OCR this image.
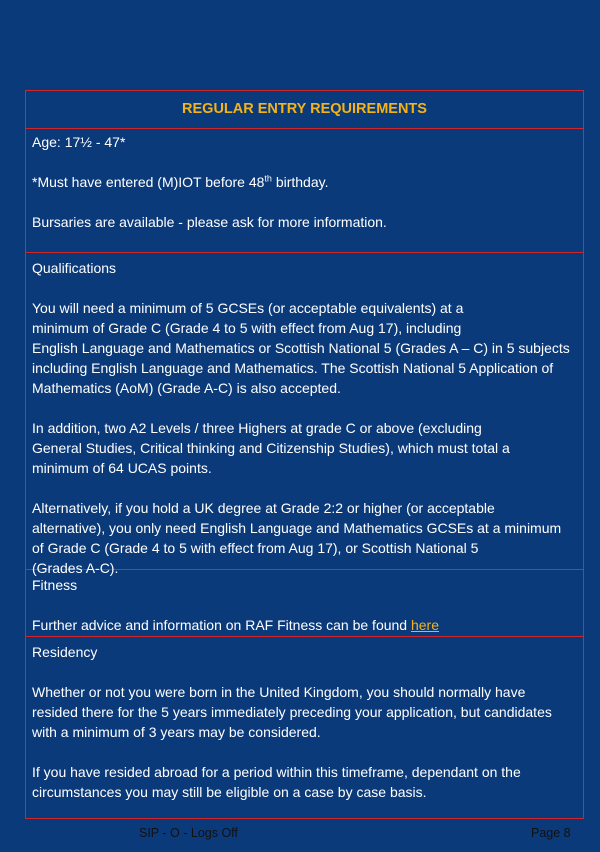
REGULAR ENTRY REQUIREMENTS

Age: 17½ - 47*

*Must have entered (M)IOT before 48th birthday.

Bursaries are available - please ask for more information.

Qualifications

You will need a minimum of 5 GCSEs (or acceptable equivalents) at a

minimum of Grade C (Grade 4 to 5 with effect from Aug 17), including

English Language and Mathematics or Scottish National 5 (Grades A – C) in 5 subjects

including English Language and Mathematics. The Scottish National 5 Application of

Mathematics (AoM) (Grade A-C) is also accepted.

In addition, two A2 Levels / three Highers at grade C or above (excluding

General Studies, Critical thinking and Citizenship Studies), which must total a

minimum of 64 UCAS points.

Alternatively, if you hold a UK degree at Grade 2:2 or higher (or acceptable

alternative), you only need English Language and Mathematics GCSEs at a minimum

of Grade C (Grade 4 to 5 with effect from Aug 17), or Scottish National 5

(Grades A-C).

Fitness

Further advice and information on RAF Fitness can be found here

Residency

Whether or not you were born in the United Kingdom, you should normally have

resided there for the 5 years immediately preceding your application, but candidates

with a minimum of 3 years may be considered.

If you have resided abroad for a period within this timeframe, dependant on the

circumstances you may still be eligible on a case by case basis.

SIP - O - Logs Off	Page 8
